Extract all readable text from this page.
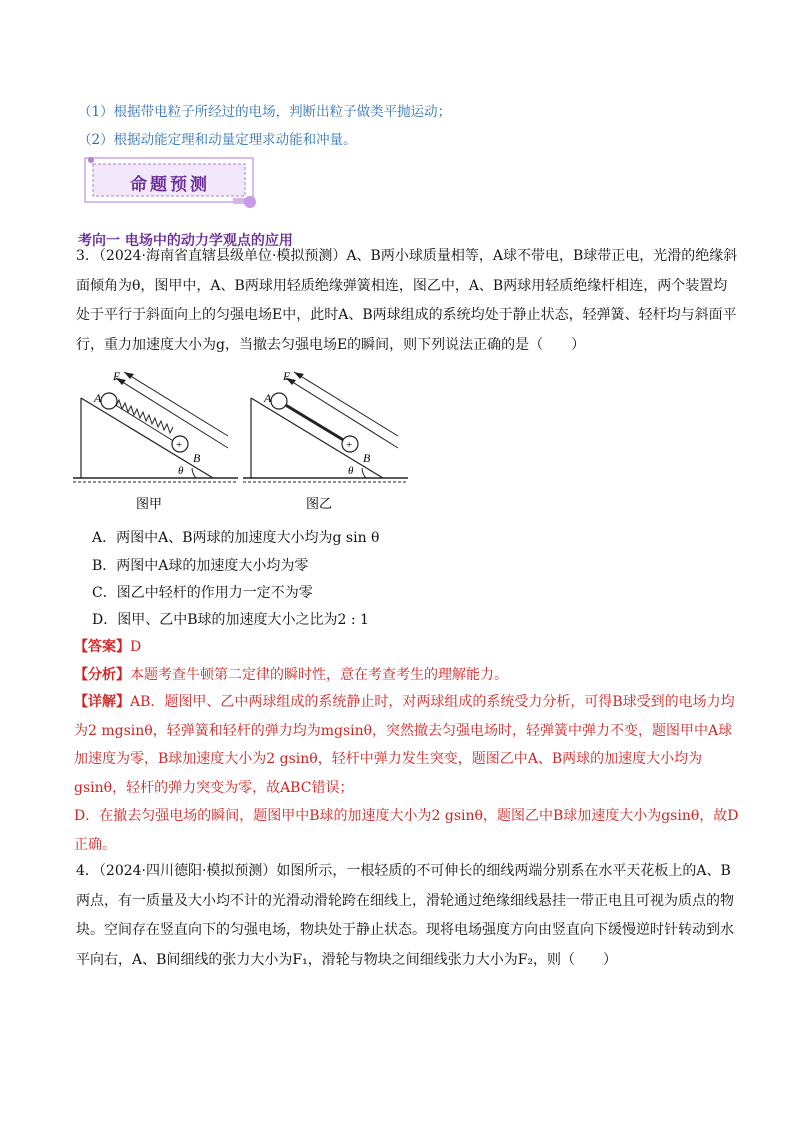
（1）根据带电粒子所经过的电场，判断出粒子做类平抛运动；
（2）根据动能定理和动量定理求动能和冲量。
命题预测
考向一 电场中的动力学观点的应用
3．（2024·海南省直辖县级单位·模拟预测）A、B两小球质量相等，A球不带电，B球带正电，光滑的绝缘斜面倾角为θ，图甲中，A、B两球用轻质绝缘弹簧相连，图乙中，A、B两球用轻质绝缘杆相连，两个装置均处于平行于斜面向上的匀强电场E中，此时A、B两球组成的系统均处于静止状态，轻弹簧、轻杆均与斜面平行，重力加速度大小为g，当撤去匀强电场E的瞬间，则下列说法正确的是（　　）
E
A
+
B
θ
图甲
E
A
+
B
θ
图乙
A．两图中A、B两球的加速度大小均为g sin θ
B．两图中A球的加速度大小均为零
C．图乙中轻杆的作用力一定不为零
D．图甲、乙中B球的加速度大小之比为2 : 1
【答案】D
【分析】本题考查牛顿第二定律的瞬时性，意在考查考生的理解能力。
【详解】AB．题图甲、乙中两球组成的系统静止时，对两球组成的系统受力分析，可得B球受到的电场力均为2 mgsinθ，轻弹簧和轻杆的弹力均为mgsinθ，突然撤去匀强电场时，轻弹簧中弹力不变，题图甲中A球加速度为零，B球加速度大小为2 gsinθ，轻杆中弹力发生突变，题图乙中A、B两球的加速度大小均为gsinθ，轻杆的弹力突变为零，故ABC错误；
D．在撤去匀强电场的瞬间，题图甲中B球的加速度大小为2 gsinθ，题图乙中B球加速度大小为gsinθ，故D正确。
4．（2024·四川德阳·模拟预测）如图所示，一根轻质的不可伸长的细线两端分别系在水平天花板上的A、B两点，有一质量及大小均不计的光滑动滑轮跨在细线上，滑轮通过绝缘细线悬挂一带正电且可视为质点的物块。空间存在竖直向下的匀强电场，物块处于静止状态。现将电场强度方向由竖直向下缓慢逆时针转动到水平向右，A、B间细线的张力大小为F₁，滑轮与物块之间细线张力大小为F₂，则（　　）
